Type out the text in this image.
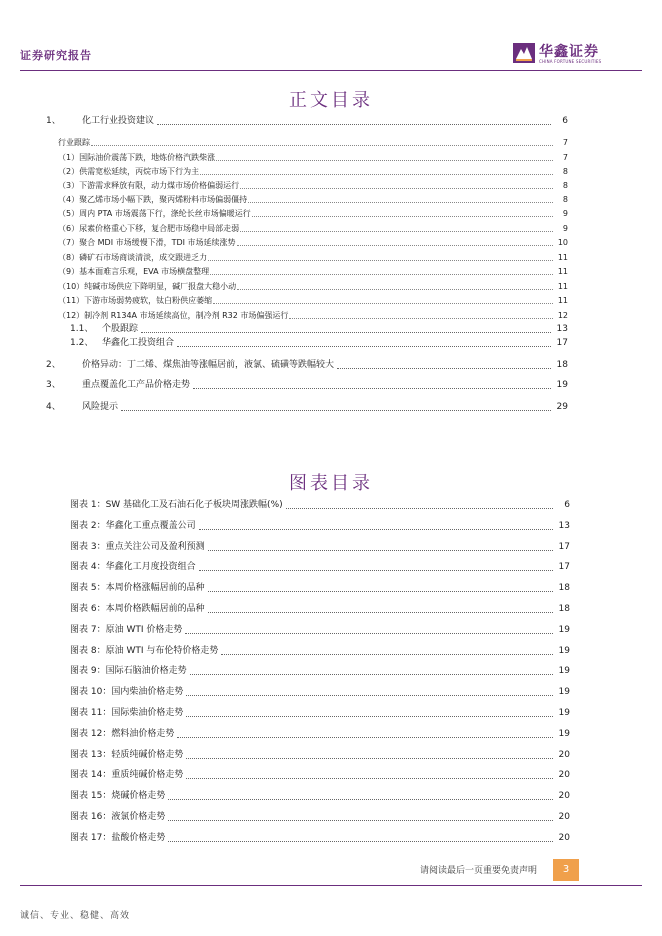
证券研究报告	华鑫证券
CHINA FORTUNE SECURITIES
正文目录
1、	化工行业投资建议	6
行业跟踪	7
（1）国际油价震荡下跌，地炼价格汽跌柴涨	7
（2）供需宽松延续，丙烷市场下行为主	8
（3）下游需求释放有限，动力煤市场价格偏弱运行	8
（4）聚乙烯市场小幅下跌，聚丙烯粉料市场偏弱僵持	8
（5）周内 PTA 市场震荡下行，涤纶长丝市场偏暖运行	9
（6）尿素价格重心下移，复合肥市场稳中局部走弱	9
（7）聚合 MDI 市场缓慢下滑，TDI 市场延续涨势	10
（8）磷矿石市场商谈清淡，成交跟进乏力	11
（9）基本面难言乐观，EVA 市场横盘整理	11
（10）纯碱市场供应下降明显，碱厂报盘大稳小动	11
（11）下游市场弱势疲软，钛白粉供应萎缩	11
（12）制冷剂 R134A 市场延续高位，制冷剂 R32 市场偏强运行	12
1.1、 个股跟踪	13
1.2、 华鑫化工投资组合	17
2、	价格异动：丁二烯、煤焦油等涨幅居前，液氯、硫磺等跌幅较大	18
3、	重点覆盖化工产品价格走势	19
4、	风险提示	29
图表目录
图表 1：SW 基础化工及石油石化子板块周涨跌幅(%)	6
图表 2：华鑫化工重点覆盖公司	13
图表 3：重点关注公司及盈利预测	17
图表 4：华鑫化工月度投资组合	17
图表 5：本周价格涨幅居前的品种	18
图表 6：本周价格跌幅居前的品种	18
图表 7：原油 WTI 价格走势	19
图表 8：原油 WTI 与布伦特价格走势	19
图表 9：国际石脑油价格走势	19
图表 10：国内柴油价格走势	19
图表 11：国际柴油价格走势	19
图表 12：燃料油价格走势	19
图表 13：轻质纯碱价格走势	20
图表 14：重质纯碱价格走势	20
图表 15：烧碱价格走势	20
图表 16：液氯价格走势	20
图表 17：盐酸价格走势	20
请阅读最后一页重要免责声明	3
诚信、专业、稳健、高效
